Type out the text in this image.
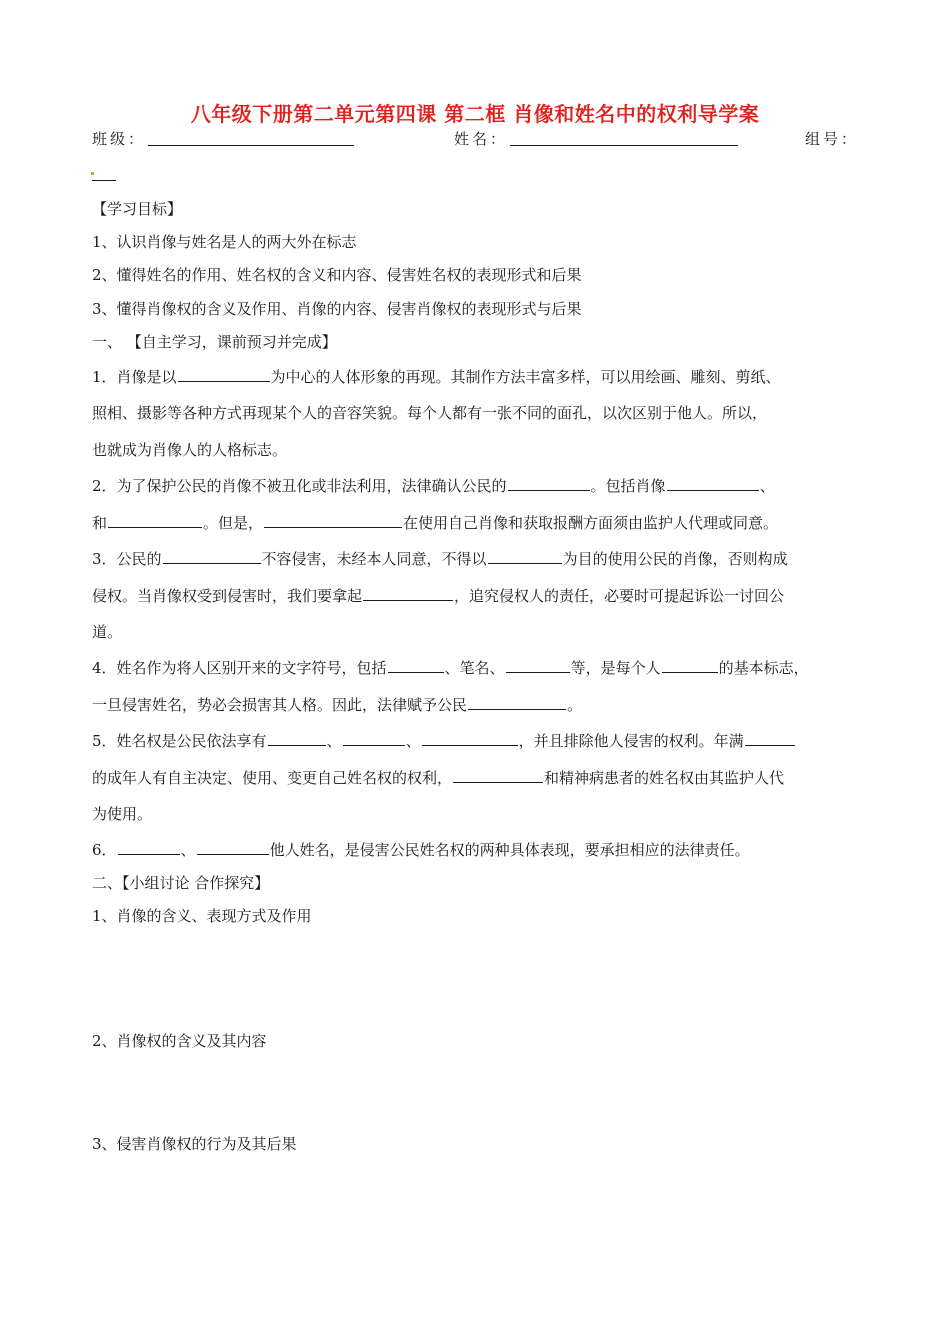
八年级下册第二单元第四课 第二框 肖像和姓名中的权利导学案
班级：	姓名：	组号：
【学习目标】
1、认识肖像与姓名是人的两大外在标志
2、懂得姓名的作用、姓名权的含义和内容、侵害姓名权的表现形式和后果
3、懂得肖像权的含义及作用、肖像的内容、侵害肖像权的表现形式与后果
一、 【自主学习，课前预习并完成】
1．肖像是以	为中心的人体形象的再现。其制作方法丰富多样，可以用绘画、雕刻、剪纸、
照相、摄影等各种方式再现某个人的音容笑貌。每个人都有一张不同的面孔，以次区别于他人。所以，
也就成为肖像人的人格标志。
2．为了保护公民的肖像不被丑化或非法利用，法律确认公民的	。包括肖像	、
和	。但是，	在使用自己肖像和获取报酬方面须由监护人代理或同意。
3．公民的	不容侵害，未经本人同意，不得以	为目的使用公民的肖像，否则构成
侵权。当肖像权受到侵害时，我们要拿起	，追究侵权人的责任，必要时可提起诉讼一讨回公
道。
4．姓名作为将人区别开来的文字符号，包括	、笔名、	等，是每个人	的基本标志，
一旦侵害姓名，势必会损害其人格。因此，法律赋予公民	。
5．姓名权是公民依法享有	、	、	，并且排除他人侵害的权利。年满
的成年人有自主决定、使用、变更自己姓名权的权利，	和精神病患者的姓名权由其监护人代
为使用。
6．	、	他人姓名，是侵害公民姓名权的两种具体表现，要承担相应的法律责任。
二、【小组讨论 合作探究】
1、肖像的含义、表现方式及作用
2、肖像权的含义及其内容
3、侵害肖像权的行为及其后果
